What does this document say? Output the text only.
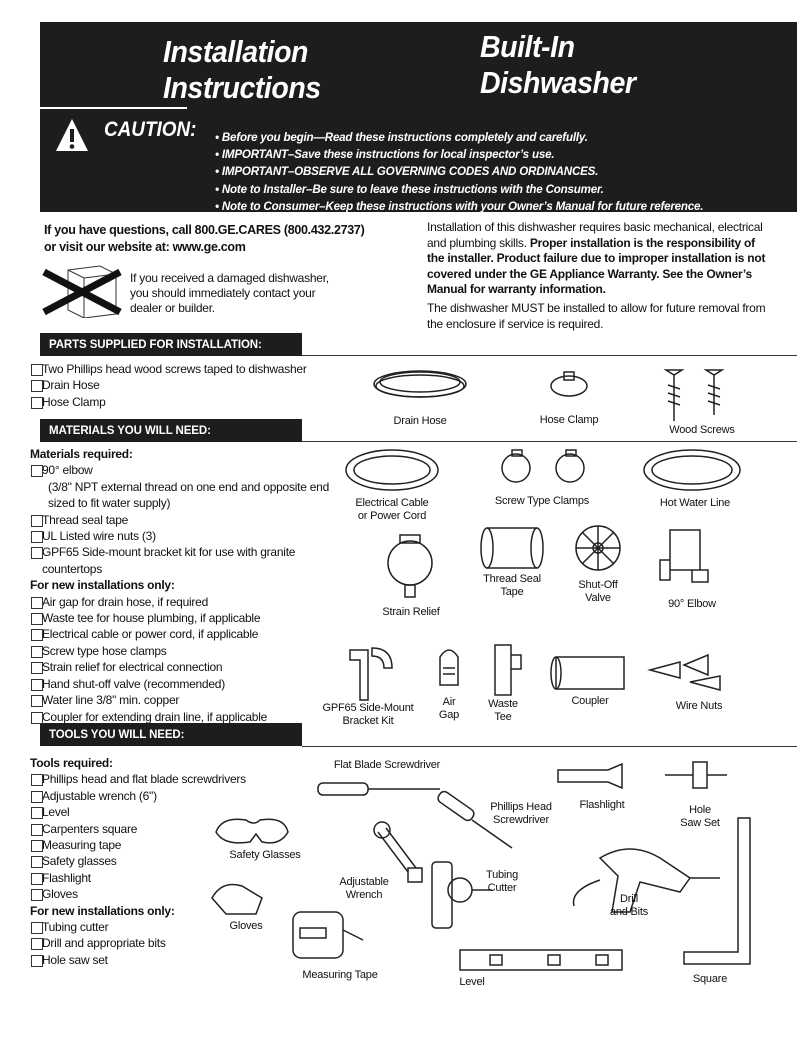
Installation
Instructions
Built-In
Dishwasher
CAUTION: • Before you begin—Read these instructions completely and carefully.
• IMPORTANT–Save these instructions for local inspector’s use.
• IMPORTANT–OBSERVE ALL GOVERNING CODES AND ORDINANCES.
• Note to Installer–Be sure to leave these instructions with the Consumer.
• Note to Consumer–Keep these instructions with your Owner’s Manual for future reference.
If you have questions, call 800.GE.CARES (800.432.2737)
or visit our website at: www.ge.com
If you received a damaged dishwasher, you should immediately contact your dealer or builder.
Installation of this dishwasher requires basic mechanical, electrical and plumbing skills. Proper installation is the responsibility of the installer. Product failure due to improper installation is not covered under the GE Appliance Warranty. See the Owner’s Manual for warranty information.
The dishwasher MUST be installed to allow for future removal from the enclosure if service is required.
PARTS SUPPLIED FOR INSTALLATION:
MATERIALS YOU WILL NEED:
TOOLS YOU WILL NEED:
Two Phillips head wood screws taped to dishwasher
Drain Hose
Hose Clamp
Materials required:
90° elbow
(3/8" NPT external thread on one end and opposite end sized to fit water supply)
Thread seal tape
UL Listed wire nuts (3)
GPF65 Side-mount bracket kit for use with granite countertops
For new installations only:
Air gap for drain hose, if required
Waste tee for house plumbing, if applicable
Electrical cable or power cord, if applicable
Screw type hose clamps
Strain relief for electrical connection
Hand shut-off valve (recommended)
Water line 3/8" min. copper
Coupler for extending drain line, if applicable
Tools required:
Phillips head and flat blade screwdrivers
Adjustable wrench (6")
Level
Carpenters square
Measuring tape
Safety glasses
Flashlight
Gloves
For new installations only:
Tubing cutter
Drill and appropriate bits
Hole saw set
Drain Hose	Hose Clamp
Wood Screws
Electrical Cable
or Power Cord
Screw Type Clamps	Hot Water Line
Strain Relief
Thread Seal
Tape
Shut-Off
Valve	90° Elbow
GPF65 Side-Mount
Bracket Kit
Air
Gap
Waste
Tee
Coupler	Wire Nuts
Flat Blade Screwdriver
Phillips Head
Screwdriver
Flashlight	Hole
Saw Set
Safety Glasses
Tubing
Cutter
Adjustable
Wrench	Drill
and Bits
Gloves
Measuring Tape
Level	Square
